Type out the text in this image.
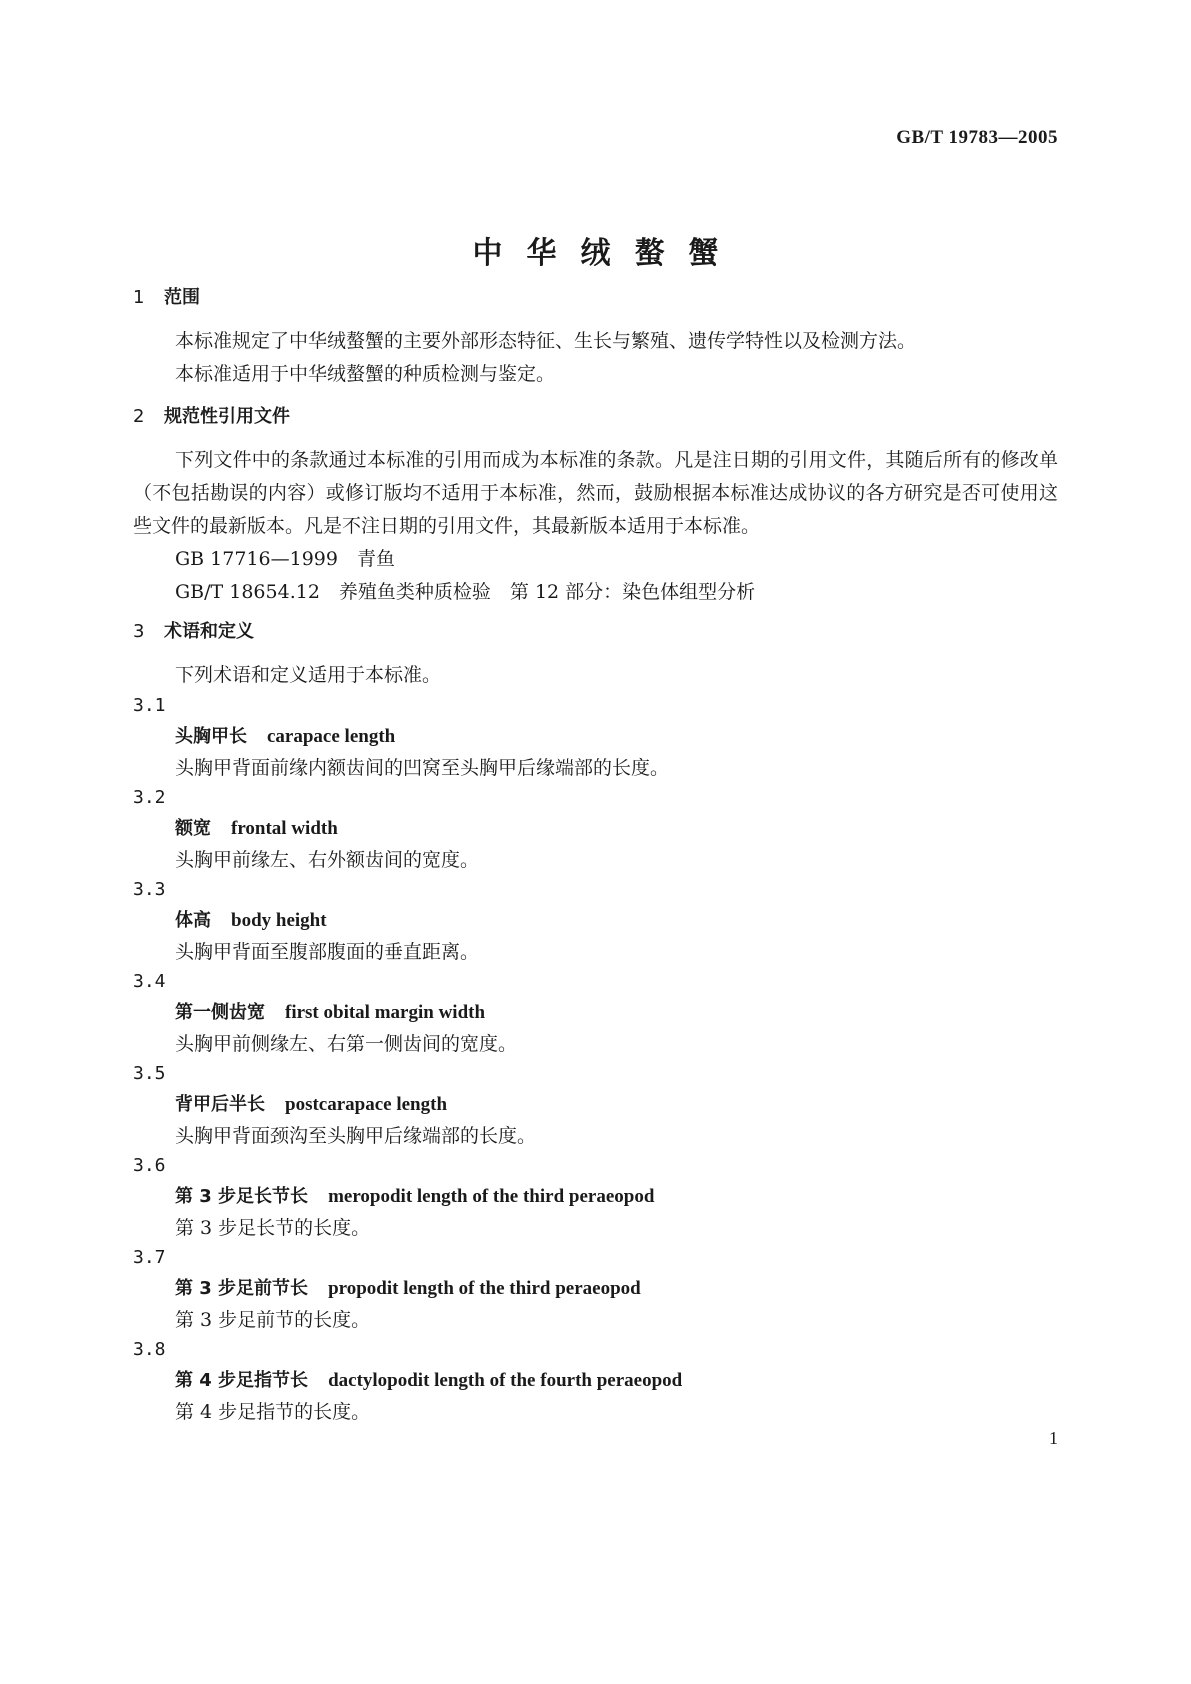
GB/T 19783—2005
中华绒螯蟹
1 范围

本标准规定了中华绒螯蟹的主要外部形态特征、生长与繁殖、遗传学特性以及检测方法。

本标准适用于中华绒螯蟹的种质检测与鉴定。

2 规范性引用文件

下列文件中的条款通过本标准的引用而成为本标准的条款。凡是注日期的引用文件，其随后所有的修改单（不包括勘误的内容）或修订版均不适用于本标准，然而，鼓励根据本标准达成协议的各方研究是否可使用这些文件的最新版本。凡是不注日期的引用文件，其最新版本适用于本标准。

GB 17716—1999　青鱼
GB/T 18654.12　养殖鱼类种质检验　第 12 部分：染色体组型分析
3 术语和定义

下列术语和定义适用于本标准。

3.1
头胸甲长 carapace length
头胸甲背面前缘内额齿间的凹窝至头胸甲后缘端部的长度。
3.2
额宽 frontal width
头胸甲前缘左、右外额齿间的宽度。
3.3
体高 body height
头胸甲背面至腹部腹面的垂直距离。
3.4
第一侧齿宽 first obital margin width
头胸甲前侧缘左、右第一侧齿间的宽度。
3.5
背甲后半长 postcarapace length
头胸甲背面颈沟至头胸甲后缘端部的长度。
3.6
第 3 步足长节长 meropodit length of the third peraeopod
第 3 步足长节的长度。
3.7
第 3 步足前节长 propodit length of the third peraeopod
第 3 步足前节的长度。
3.8
第 4 步足指节长 dactylopodit length of the fourth peraeopod
第 4 步足指节的长度。
1
